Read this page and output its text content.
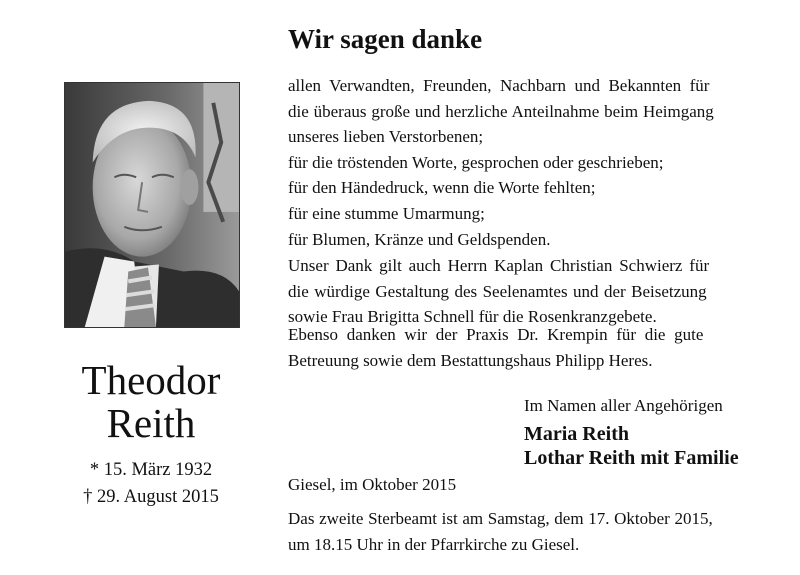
Theodor
Reith
* 15. März 1932
† 29. August 2015
Wir sagen danke
allen Verwandten, Freunden, Nachbarn und Bekannten für
die überaus große und herzliche Anteilnahme beim Heimgang
unseres lieben Verstorbenen;
für die tröstenden Worte, gesprochen oder geschrieben;
für den Händedruck, wenn die Worte fehlten;
für eine stumme Umarmung;
für Blumen, Kränze und Geldspenden.
Unser Dank gilt auch Herrn Kaplan Christian Schwierz für
die würdige Gestaltung des Seelenamtes und der Beisetzung
sowie Frau Brigitta Schnell für die Rosenkranzgebete.
Ebenso danken wir der Praxis Dr. Krempin für die gute
Betreuung sowie dem Bestattungshaus Philipp Heres.
Im Namen aller Angehörigen
Maria Reith
Lothar Reith mit Familie
Giesel, im Oktober 2015
Das zweite Sterbeamt ist am Samstag, dem 17. Oktober 2015,
um 18.15 Uhr in der Pfarrkirche zu Giesel.
